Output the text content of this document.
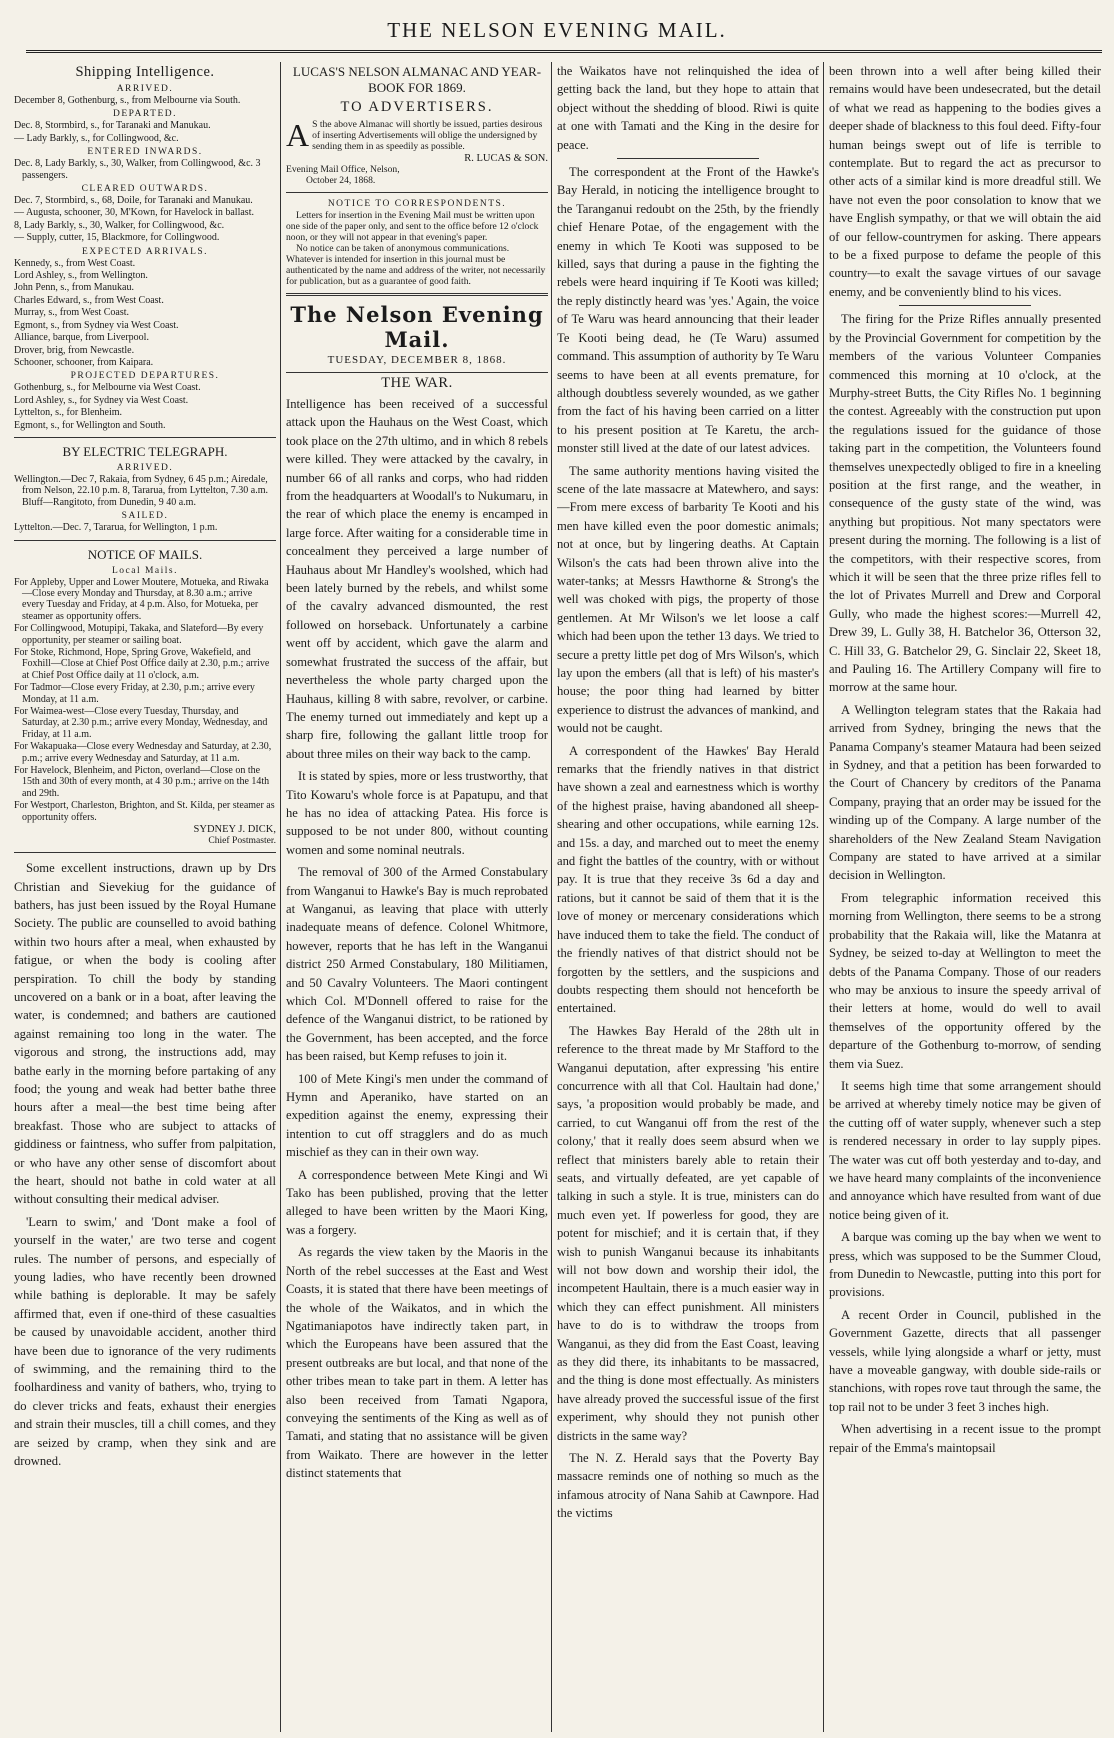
THE NELSON EVENING MAIL.
Shipping Intelligence.
ARRIVED.

December 8, Gothenburg, s., from Melbourne via South.

DEPARTED.

Dec. 8, Stormbird, s., for Taranaki and Manukau.

— Lady Barkly, s., for Collingwood, &c.

ENTERED INWARDS.

Dec. 8, Lady Barkly, s., 30, Walker, from Collingwood, &c. 3 passengers.

CLEARED OUTWARDS.

Dec. 7, Stormbird, s., 68, Doile, for Taranaki and Manukau.

— Augusta, schooner, 30, M'Kown, for Havelock in ballast.

8, Lady Barkly, s., 30, Walker, for Collingwood, &c.

— Supply, cutter, 15, Blackmore, for Collingwood.

EXPECTED ARRIVALS.

Kennedy, s., from West Coast.

Lord Ashley, s., from Wellington.

John Penn, s., from Manukau.

Charles Edward, s., from West Coast.

Murray, s., from West Coast.

Egmont, s., from Sydney via West Coast.

Alliance, barque, from Liverpool.

Drover, brig, from Newcastle.

Schooner, schooner, from Kaipara.

PROJECTED DEPARTURES.

Gothenburg, s., for Melbourne via West Coast.

Lord Ashley, s., for Sydney via West Coast.

Lyttelton, s., for Blenheim.

Egmont, s., for Wellington and South.

BY ELECTRIC TELEGRAPH.
ARRIVED.

Wellington.—Dec 7, Rakaia, from Sydney, 6 45 p.m.; Airedale, from Nelson, 22.10 p.m. 8, Tararua, from Lyttelton, 7.30 a.m. Bluff—Rangitoto, from Dunedin, 9 40 a.m.

SAILED.

Lyttelton.—Dec. 7, Tararua, for Wellington, 1 p.m.

NOTICE OF MAILS.
Local Mails.

For Appleby, Upper and Lower Moutere, Motueka, and Riwaka—Close every Monday and Thursday, at 8.30 a.m.; arrive every Tuesday and Friday, at 4 p.m. Also, for Motueka, per steamer as opportunity offers.

For Collingwood, Motupipi, Takaka, and Slateford—By every opportunity, per steamer or sailing boat.

For Stoke, Richmond, Hope, Spring Grove, Wakefield, and Foxhill—Close at Chief Post Office daily at 2.30, p.m.; arrive at Chief Post Office daily at 11 o'clock, a.m.

For Tadmor—Close every Friday, at 2.30, p.m.; arrive every Monday, at 11 a.m.

For Waimea-west—Close every Tuesday, Thursday, and Saturday, at 2.30 p.m.; arrive every Monday, Wednesday, and Friday, at 11 a.m.

For Wakapuaka—Close every Wednesday and Saturday, at 2.30, p.m.; arrive every Wednesday and Saturday, at 11 a.m.

For Havelock, Blenheim, and Picton, overland—Close on the 15th and 30th of every month, at 4 30 p.m.; arrive on the 14th and 29th.

For Westport, Charleston, Brighton, and St. Kilda, per steamer as opportunity offers.

SYDNEY J. DICK,

Chief Postmaster.

Some excellent instructions, drawn up by Drs Christian and Sievekiug for the guidance of bathers, has just been issued by the Royal Humane Society. The public are counselled to avoid bathing within two hours after a meal, when exhausted by fatigue, or when the body is cooling after perspiration. To chill the body by standing uncovered on a bank or in a boat, after leaving the water, is condemned; and bathers are cautioned against remaining too long in the water. The vigorous and strong, the instructions add, may bathe early in the morning before partaking of any food; the young and weak had better bathe three hours after a meal—the best time being after breakfast. Those who are subject to attacks of giddiness or faintness, who suffer from palpitation, or who have any other sense of discomfort about the heart, should not bathe in cold water at all without consulting their medical adviser.

'Learn to swim,' and 'Dont make a fool of yourself in the water,' are two terse and cogent rules. The number of persons, and especially of young ladies, who have recently been drowned while bathing is deplorable. It may be safely affirmed that, even if one-third of these casualties be caused by unavoidable accident, another third have been due to ignorance of the very rudiments of swimming, and the remaining third to the foolhardiness and vanity of bathers, who, trying to do clever tricks and feats, exhaust their energies and strain their muscles, till a chill comes, and they are seized by cramp, when they sink and are drowned.

LUCAS'S NELSON ALMANAC AND YEAR-BOOK FOR 1869.
TO ADVERTISERS.

A S the above Almanac will shortly be issued, parties desirous of inserting Advertisements will oblige the undersigned by sending them in as speedily as possible.

R. LUCAS & SON.

Evening Mail Office, Nelson,

October 24, 1868.

NOTICE TO CORRESPONDENTS.

Letters for insertion in the Evening Mail must be written upon one side of the paper only, and sent to the office before 12 o'clock noon, or they will not appear in that evening's paper.

No notice can be taken of anonymous communications. Whatever is intended for insertion in this journal must be authenticated by the name and address of the writer, not necessarily for publication, but as a guarantee of good faith.

The Nelson Evening Mail.
TUESDAY, DECEMBER 8, 1868.
THE WAR.

Intelligence has been received of a successful attack upon the Hauhaus on the West Coast, which took place on the 27th ultimo, and in which 8 rebels were killed. They were attacked by the cavalry, in number 66 of all ranks and corps, who had ridden from the headquarters at Woodall's to Nukumaru, in the rear of which place the enemy is encamped in large force. After waiting for a considerable time in concealment they perceived a large number of Hauhaus about Mr Handley's woolshed, which had been lately burned by the rebels, and whilst some of the cavalry advanced dismounted, the rest followed on horseback. Unfortunately a carbine went off by accident, which gave the alarm and somewhat frustrated the success of the affair, but nevertheless the whole party charged upon the Hauhaus, killing 8 with sabre, revolver, or carbine. The enemy turned out immediately and kept up a sharp fire, following the gallant little troop for about three miles on their way back to the camp.

It is stated by spies, more or less trustworthy, that Tito Kowaru's whole force is at Papatupu, and that he has no idea of attacking Patea. His force is supposed to be not under 800, without counting women and some nominal neutrals.

The removal of 300 of the Armed Constabulary from Wanganui to Hawke's Bay is much reprobated at Wanganui, as leaving that place with utterly inadequate means of defence. Colonel Whitmore, however, reports that he has left in the Wanganui district 250 Armed Constabulary, 180 Militiamen, and 50 Cavalry Volunteers. The Maori contingent which Col. M'Donnell offered to raise for the defence of the Wanganui district, to be rationed by the Government, has been accepted, and the force has been raised, but Kemp refuses to join it.

100 of Mete Kingi's men under the command of Hymn and Aperaniko, have started on an expedition against the enemy, expressing their intention to cut off stragglers and do as much mischief as they can in their own way.

A correspondence between Mete Kingi and Wi Tako has been published, proving that the letter alleged to have been written by the Maori King, was a forgery.

As regards the view taken by the Maoris in the North of the rebel successes at the East and West Coasts, it is stated that there have been meetings of the whole of the Waikatos, and in which the Ngatimaniapotos have indirectly taken part, in which the Europeans have been assured that the present outbreaks are but local, and that none of the other tribes mean to take part in them. A letter has also been received from Tamati Ngapora, conveying the sentiments of the King as well as of Tamati, and stating that no assistance will be given from Waikato. There are however in the letter distinct statements that

the Waikatos have not relinquished the idea of getting back the land, but they hope to attain that object without the shedding of blood. Riwi is quite at one with Tamati and the King in the desire for peace.

The correspondent at the Front of the Hawke's Bay Herald, in noticing the intelligence brought to the Taranganui redoubt on the 25th, by the friendly chief Henare Potae, of the engagement with the enemy in which Te Kooti was supposed to be killed, says that during a pause in the fighting the rebels were heard inquiring if Te Kooti was killed; the reply distinctly heard was 'yes.' Again, the voice of Te Waru was heard announcing that their leader Te Kooti being dead, he (Te Waru) assumed command. This assumption of authority by Te Waru seems to have been at all events premature, for although doubtless severely wounded, as we gather from the fact of his having been carried on a litter to his present position at Te Karetu, the arch-monster still lived at the date of our latest advices.

The same authority mentions having visited the scene of the late massacre at Matewhero, and says:—From mere excess of barbarity Te Kooti and his men have killed even the poor domestic animals; not at once, but by lingering deaths. At Captain Wilson's the cats had been thrown alive into the water-tanks; at Messrs Hawthorne & Strong's the well was choked with pigs, the property of those gentlemen. At Mr Wilson's we let loose a calf which had been upon the tether 13 days. We tried to secure a pretty little pet dog of Mrs Wilson's, which lay upon the embers (all that is left) of his master's house; the poor thing had learned by bitter experience to distrust the advances of mankind, and would not be caught.

A correspondent of the Hawkes' Bay Herald remarks that the friendly natives in that district have shown a zeal and earnestness which is worthy of the highest praise, having abandoned all sheep-shearing and other occupations, while earning 12s. and 15s. a day, and marched out to meet the enemy and fight the battles of the country, with or without pay. It is true that they receive 3s 6d a day and rations, but it cannot be said of them that it is the love of money or mercenary considerations which have induced them to take the field. The conduct of the friendly natives of that district should not be forgotten by the settlers, and the suspicions and doubts respecting them should not henceforth be entertained.

The Hawkes Bay Herald of the 28th ult in reference to the threat made by Mr Stafford to the Wanganui deputation, after expressing 'his entire concurrence with all that Col. Haultain had done,' says, 'a proposition would probably be made, and carried, to cut Wanganui off from the rest of the colony,' that it really does seem absurd when we reflect that ministers barely able to retain their seats, and virtually defeated, are yet capable of talking in such a style. It is true, ministers can do much even yet. If powerless for good, they are potent for mischief; and it is certain that, if they wish to punish Wanganui because its inhabitants will not bow down and worship their idol, the incompetent Haultain, there is a much easier way in which they can effect punishment. All ministers have to do is to withdraw the troops from Wanganui, as they did from the East Coast, leaving as they did there, its inhabitants to be massacred, and the thing is done most effectually. As ministers have already proved the successful issue of the first experiment, why should they not punish other districts in the same way?

The N. Z. Herald says that the Poverty Bay massacre reminds one of nothing so much as the infamous atrocity of Nana Sahib at Cawnpore. Had the victims

been thrown into a well after being killed their remains would have been undesecrated, but the detail of what we read as happening to the bodies gives a deeper shade of blackness to this foul deed. Fifty-four human beings swept out of life is terrible to contemplate. But to regard the act as precursor to other acts of a similar kind is more dreadful still. We have not even the poor consolation to know that we have English sympathy, or that we will obtain the aid of our fellow-countrymen for asking. There appears to be a fixed purpose to defame the people of this country—to exalt the savage virtues of our savage enemy, and be conveniently blind to his vices.

The firing for the Prize Rifles annually presented by the Provincial Government for competition by the members of the various Volunteer Companies commenced this morning at 10 o'clock, at the Murphy-street Butts, the City Rifles No. 1 beginning the contest. Agreeably with the construction put upon the regulations issued for the guidance of those taking part in the competition, the Volunteers found themselves unexpectedly obliged to fire in a kneeling position at the first range, and the weather, in consequence of the gusty state of the wind, was anything but propitious. Not many spectators were present during the morning. The following is a list of the competitors, with their respective scores, from which it will be seen that the three prize rifles fell to the lot of Privates Murrell and Drew and Corporal Gully, who made the highest scores:—Murrell 42, Drew 39, L. Gully 38, H. Batchelor 36, Otterson 32, C. Hill 33, G. Batchelor 29, G. Sinclair 22, Skeet 18, and Pauling 16. The Artillery Company will fire to morrow at the same hour.

A Wellington telegram states that the Rakaia had arrived from Sydney, bringing the news that the Panama Company's steamer Mataura had been seized in Sydney, and that a petition has been forwarded to the Court of Chancery by creditors of the Panama Company, praying that an order may be issued for the winding up of the Company. A large number of the shareholders of the New Zealand Steam Navigation Company are stated to have arrived at a similar decision in Wellington.

From telegraphic information received this morning from Wellington, there seems to be a strong probability that the Rakaia will, like the Matanra at Sydney, be seized to-day at Wellington to meet the debts of the Panama Company. Those of our readers who may be anxious to insure the speedy arrival of their letters at home, would do well to avail themselves of the opportunity offered by the departure of the Gothenburg to-morrow, of sending them via Suez.

It seems high time that some arrangement should be arrived at whereby timely notice may be given of the cutting off of water supply, whenever such a step is rendered necessary in order to lay supply pipes. The water was cut off both yesterday and to-day, and we have heard many complaints of the inconvenience and annoyance which have resulted from want of due notice being given of it.

A barque was coming up the bay when we went to press, which was supposed to be the Summer Cloud, from Dunedin to Newcastle, putting into this port for provisions.

A recent Order in Council, published in the Government Gazette, directs that all passenger vessels, while lying alongside a wharf or jetty, must have a moveable gangway, with double side-rails or stanchions, with ropes rove taut through the same, the top rail not to be under 3 feet 3 inches high.

When advertising in a recent issue to the prompt repair of the Emma's maintopsail
